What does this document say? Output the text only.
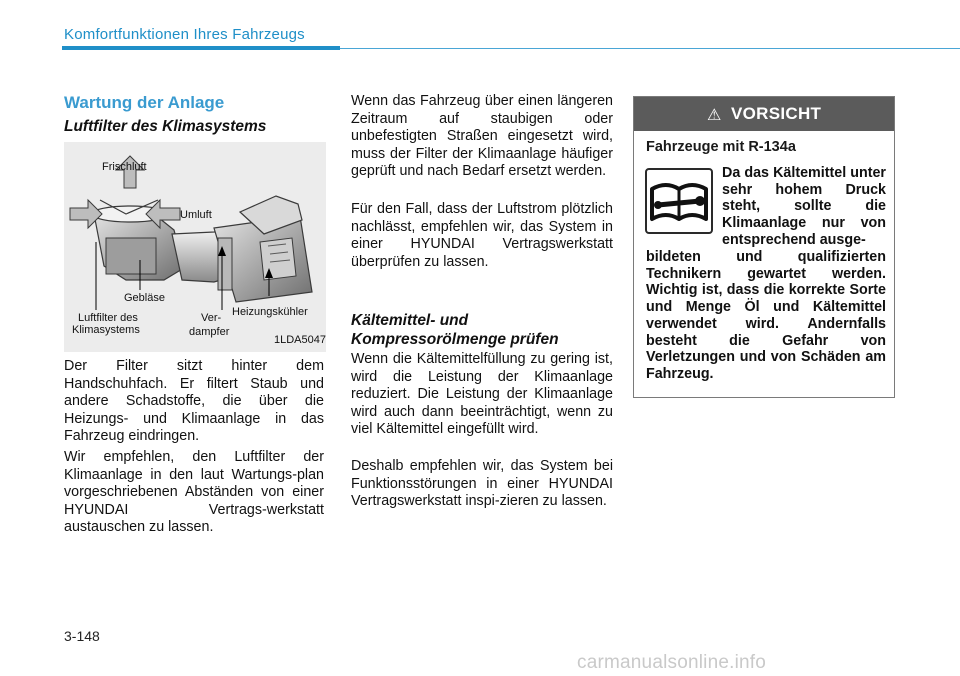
Komfortfunktionen Ihres Fahrzeugs
Wartung der Anlage
Luftfilter des Klimasystems
Frischluft
Umluft
Gebläse
Luftfilter des
Klimasystems
Ver-
dampfer
Heizungskühler
1LDA5047

Der Filter sitzt hinter dem Handschuhfach. Er filtert Staub und andere Schadstoffe, die über die Heizungs- und Klimaanlage in das Fahrzeug eindringen.

Wir empfehlen, den Luftfilter der Klimaanlage in den laut Wartungs-plan vorgeschriebenen Abständen von einer HYUNDAI Vertrags-werkstatt austauschen zu lassen.

Wenn das Fahrzeug über einen längeren Zeitraum auf staubigen oder unbefestigten Straßen eingesetzt wird, muss der Filter der Klimaanlage häufiger geprüft und nach Bedarf ersetzt werden.

Für den Fall, dass der Luftstrom plötzlich nachlässt, empfehlen wir, das System in einer HYUNDAI Vertragswerkstatt überprüfen zu lassen.

Kältemittel- und Kompressorölmenge prüfen

Wenn die Kältemittelfüllung zu gering ist, wird die Leistung der Klimaanlage reduziert. Die Leistung der Klimaanlage wird auch dann beeinträchtigt, wenn zu viel Kältemittel eingefüllt wird.

Deshalb empfehlen wir, das System bei Funktionsstörungen in einer HYUNDAI Vertragswerkstatt inspi-zieren zu lassen.

⚠ VORSICHT
Fahrzeuge mit R-134a

Da das Kältemittel unter sehr hohem Druck steht, sollte die Klimaanlage nur von entsprechend ausge-

bildeten und qualifizierten Technikern gewartet werden. Wichtig ist, dass die korrekte Sorte und Menge Öl und Kältemittel verwendet wird. Andernfalls besteht die Gefahr von Verletzungen und von Schäden am Fahrzeug.

3-148
carmanualsonline.info
